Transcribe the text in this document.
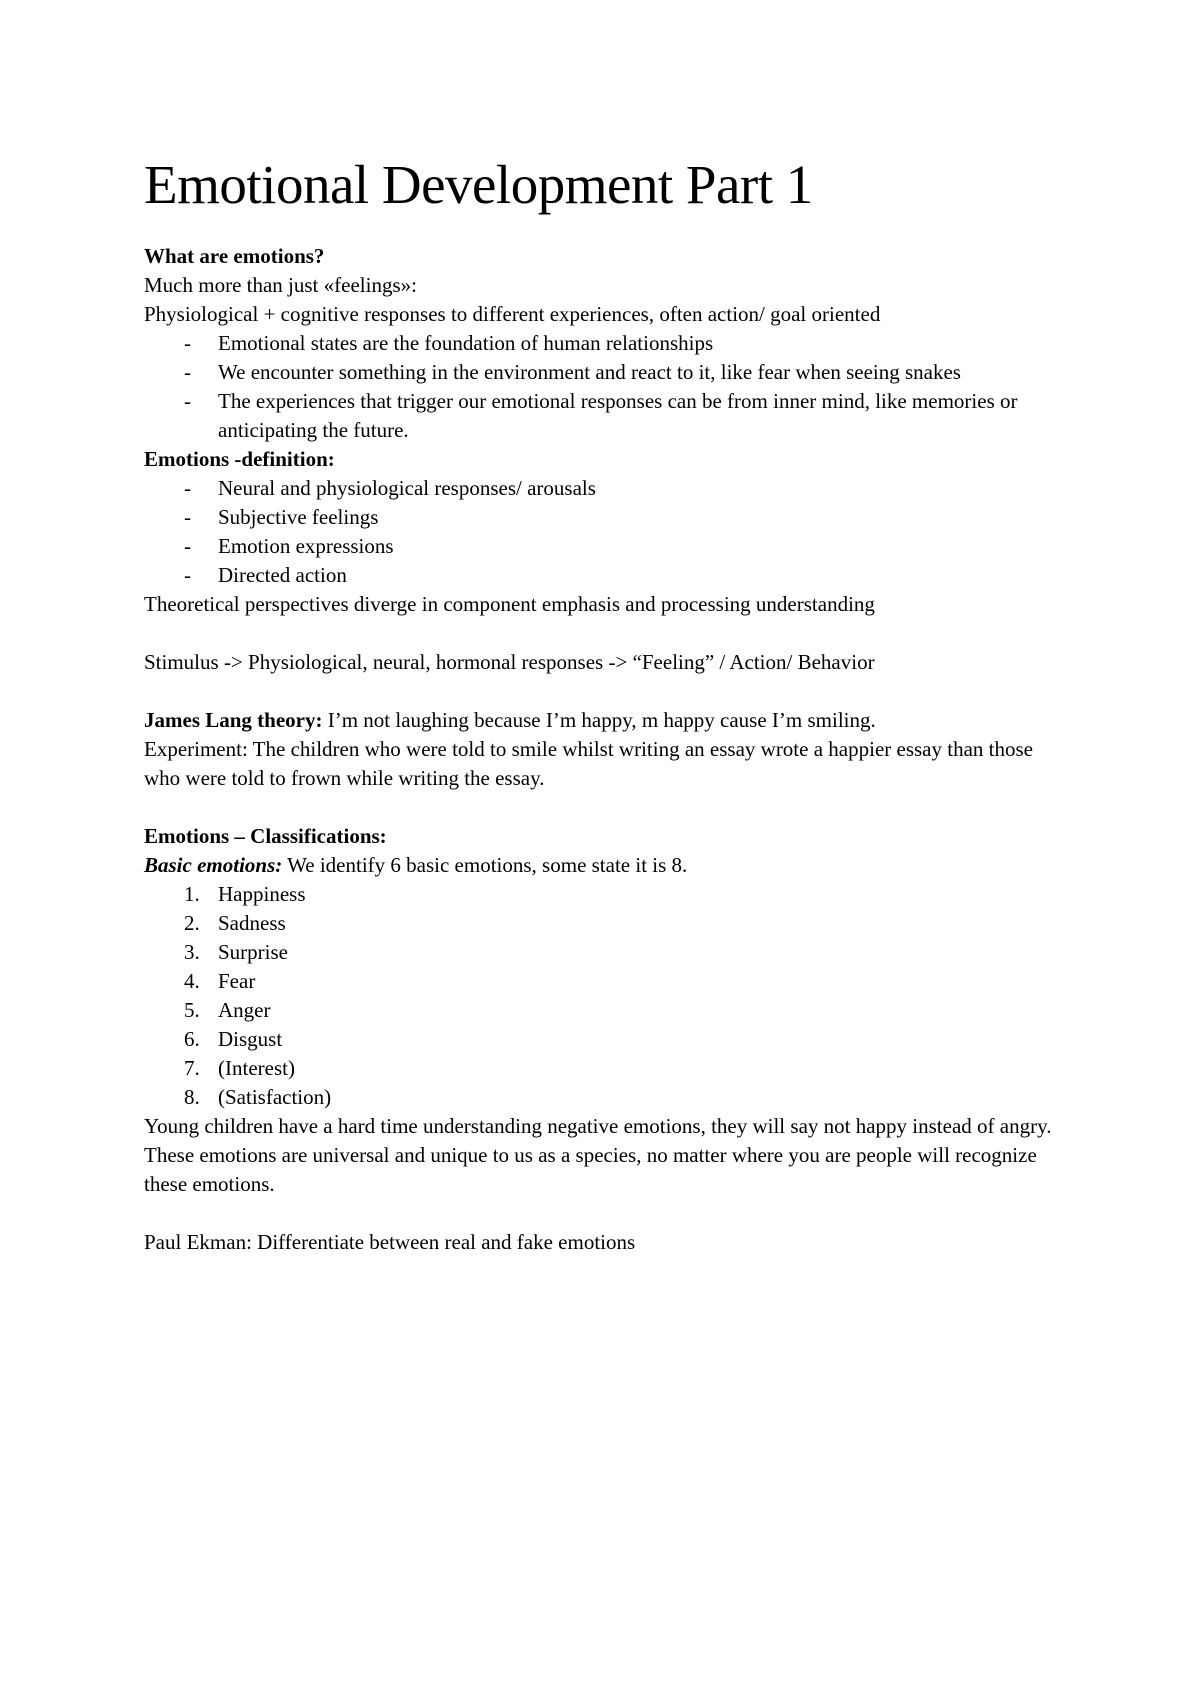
Emotional Development Part 1

What are emotions?

Much more than just «feelings»:

Physiological + cognitive responses to different experiences, often action/ goal oriented

- Emotional states are the foundation of human relationships
- We encounter something in the environment and react to it, like fear when seeing snakes
- The experiences that trigger our emotional responses can be from inner mind, like memories or anticipating the future.

Emotions -definition:

- Neural and physiological responses/ arousals
- Subjective feelings
- Emotion expressions
- Directed action

Theoretical perspectives diverge in component emphasis and processing understanding

Stimulus -> Physiological, neural, hormonal responses -> “Feeling” / Action/ Behavior

James Lang theory: I’m not laughing because I’m happy, m happy cause I’m smiling.

Experiment: The children who were told to smile whilst writing an essay wrote a happier essay than those who were told to frown while writing the essay.

Emotions – Classifications:

Basic emotions: We identify 6 basic emotions, some state it is 8.

1. Happiness
2. Sadness
3. Surprise
4. Fear
5. Anger
6. Disgust
7. (Interest)
8. (Satisfaction)

Young children have a hard time understanding negative emotions, they will say not happy instead of angry.

These emotions are universal and unique to us as a species, no matter where you are people will recognize these emotions.

Paul Ekman: Differentiate between real and fake emotions
